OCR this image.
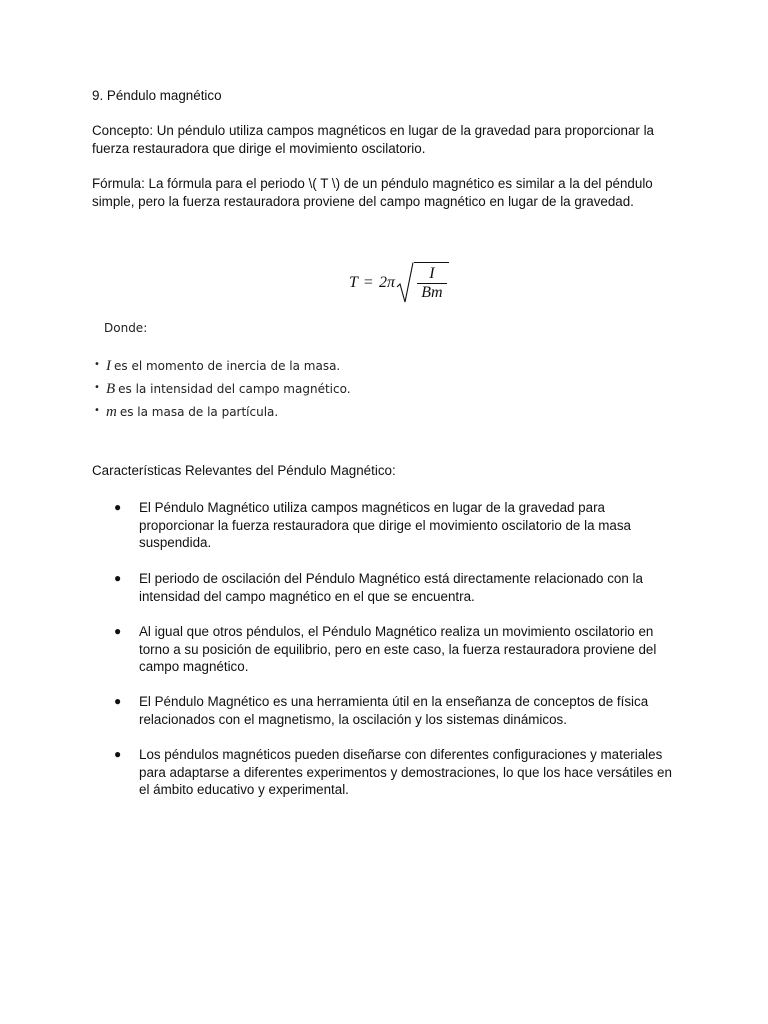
9. Péndulo magnético

Concepto: Un péndulo utiliza campos magnéticos en lugar de la gravedad para proporcionar la fuerza restauradora que dirige el movimiento oscilatorio.

Fórmula: La fórmula para el periodo \( T \) de un péndulo magnético es similar a la del péndulo simple, pero la fuerza restauradora proviene del campo magnético en lugar de la gravedad.

$T = 2\pi \frac{I}{Bm}$
Donde:
• I es el momento de inercia de la masa.
• B es la intensidad del campo magnético.
• m es la masa de la partícula.

Características Relevantes del Péndulo Magnético:

● El Péndulo Magnético utiliza campos magnéticos en lugar de la gravedad para proporcionar la fuerza restauradora que dirige el movimiento oscilatorio de la masa suspendida.
● El periodo de oscilación del Péndulo Magnético está directamente relacionado con la intensidad del campo magnético en el que se encuentra.
● Al igual que otros péndulos, el Péndulo Magnético realiza un movimiento oscilatorio en torno a su posición de equilibrio, pero en este caso, la fuerza restauradora proviene del campo magnético.
● El Péndulo Magnético es una herramienta útil en la enseñanza de conceptos de física relacionados con el magnetismo, la oscilación y los sistemas dinámicos.
● Los péndulos magnéticos pueden diseñarse con diferentes configuraciones y materiales para adaptarse a diferentes experimentos y demostraciones, lo que los hace versátiles en el ámbito educativo y experimental.
